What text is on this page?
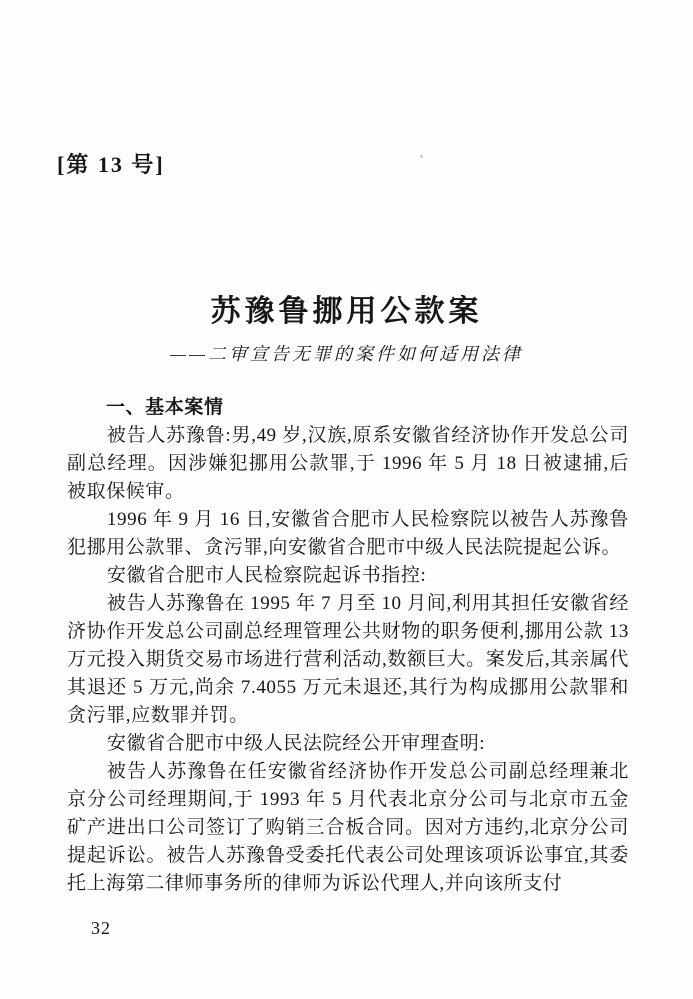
[第 13 号]
苏豫鲁挪用公款案
——二审宣告无罪的案件如何适用法律
一、基本案情

被告人苏豫鲁:男,49 岁,汉族,原系安徽省经济协作开发总公司副总经理。因涉嫌犯挪用公款罪,于 1996 年 5 月 18 日被逮捕,后被取保候审。

1996 年 9 月 16 日,安徽省合肥市人民检察院以被告人苏豫鲁犯挪用公款罪、贪污罪,向安徽省合肥市中级人民法院提起公诉。

安徽省合肥市人民检察院起诉书指控:

被告人苏豫鲁在 1995 年 7 月至 10 月间,利用其担任安徽省经济协作开发总公司副总经理管理公共财物的职务便利,挪用公款 13 万元投入期货交易市场进行营利活动,数额巨大。案发后,其亲属代其退还 5 万元,尚余 7.4055 万元未退还,其行为构成挪用公款罪和贪污罪,应数罪并罚。

安徽省合肥市中级人民法院经公开审理查明:

被告人苏豫鲁在任安徽省经济协作开发总公司副总经理兼北京分公司经理期间,于 1993 年 5 月代表北京分公司与北京市五金矿产进出口公司签订了购销三合板合同。因对方违约,北京分公司提起诉讼。被告人苏豫鲁受委托代表公司处理该项诉讼事宜,其委托上海第二律师事务所的律师为诉讼代理人,并向该所支付

32
